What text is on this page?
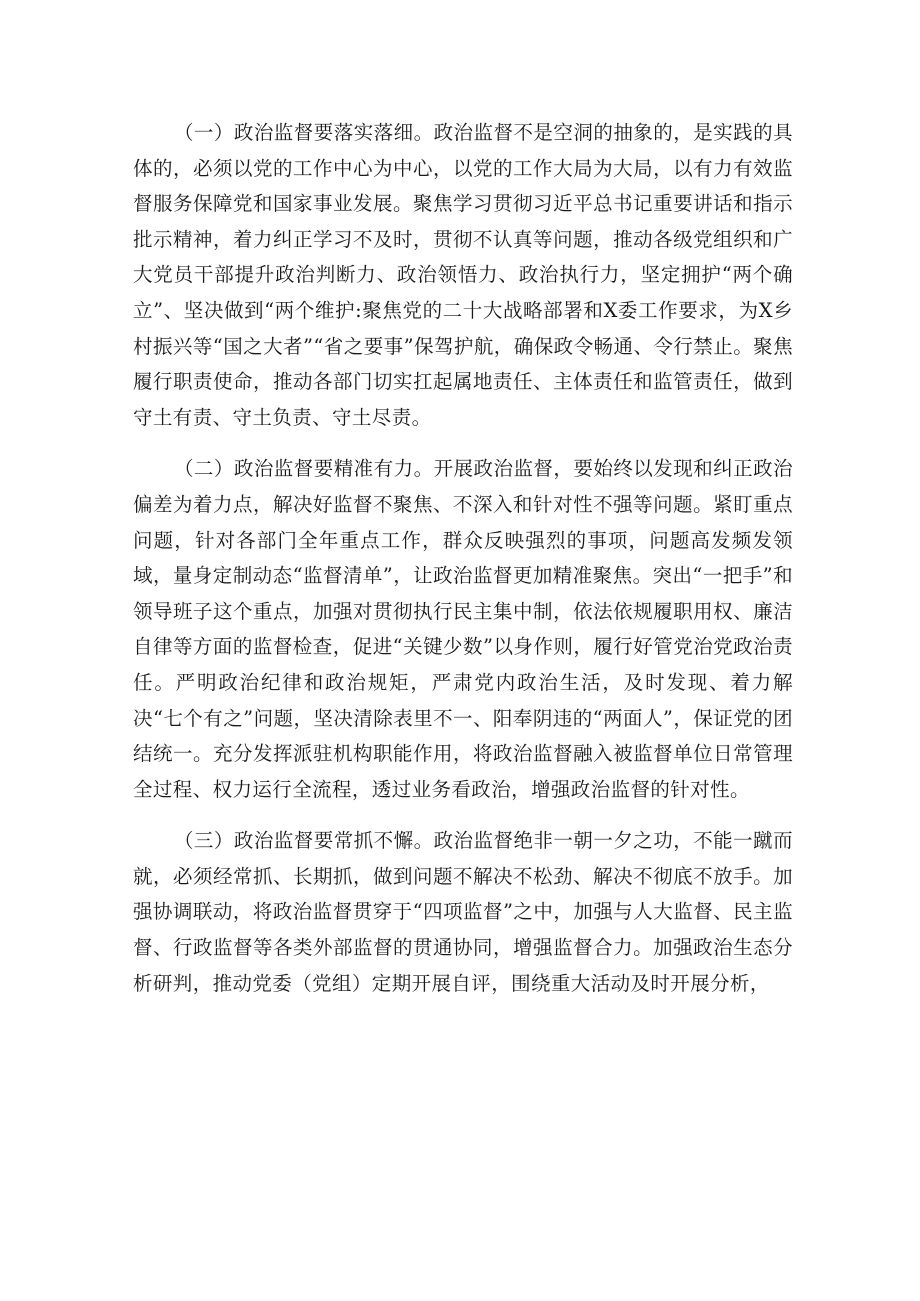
（一）政治监督要落实落细。政治监督不是空洞的抽象的，是实践的具体的，必须以党的工作中心为中心，以党的工作大局为大局，以有力有效监督服务保障党和国家事业发展。聚焦学习贯彻习近平总书记重要讲话和指示批示精神，着力纠正学习不及时，贯彻不认真等问题，推动各级党组织和广大党员干部提升政治判断力、政治领悟力、政治执行力，坚定拥护“两个确立”、坚决做到“两个维护:聚焦党的二十大战略部署和X委工作要求，为X乡村振兴等“国之大者”“省之要事”保驾护航，确保政令畅通、令行禁止。聚焦履行职责使命，推动各部门切实扛起属地责任、主体责任和监管责任，做到守土有责、守土负责、守土尽责。

（二）政治监督要精准有力。开展政治监督，要始终以发现和纠正政治偏差为着力点，解决好监督不聚焦、不深入和针对性不强等问题。紧盯重点问题，针对各部门全年重点工作，群众反映强烈的事项，问题高发频发领域，量身定制动态“监督清单”，让政治监督更加精准聚焦。突出“一把手”和领导班子这个重点，加强对贯彻执行民主集中制，依法依规履职用权、廉洁自律等方面的监督检查，促进“关键少数”以身作则，履行好管党治党政治责任。严明政治纪律和政治规矩，严肃党内政治生活，及时发现、着力解决“七个有之”问题，坚决清除表里不一、阳奉阴违的“两面人”，保证党的团结统一。充分发挥派驻机构职能作用，将政治监督融入被监督单位日常管理全过程、权力运行全流程，透过业务看政治，增强政治监督的针对性。

（三）政治监督要常抓不懈。政治监督绝非一朝一夕之功，不能一蹴而就，必须经常抓、长期抓，做到问题不解决不松劲、解决不彻底不放手。加强协调联动，将政治监督贯穿于“四项监督”之中，加强与人大监督、民主监督、行政监督等各类外部监督的贯通协同，增强监督合力。加强政治生态分析研判，推动党委（党组）定期开展自评，围绕重大活动及时开展分析，
